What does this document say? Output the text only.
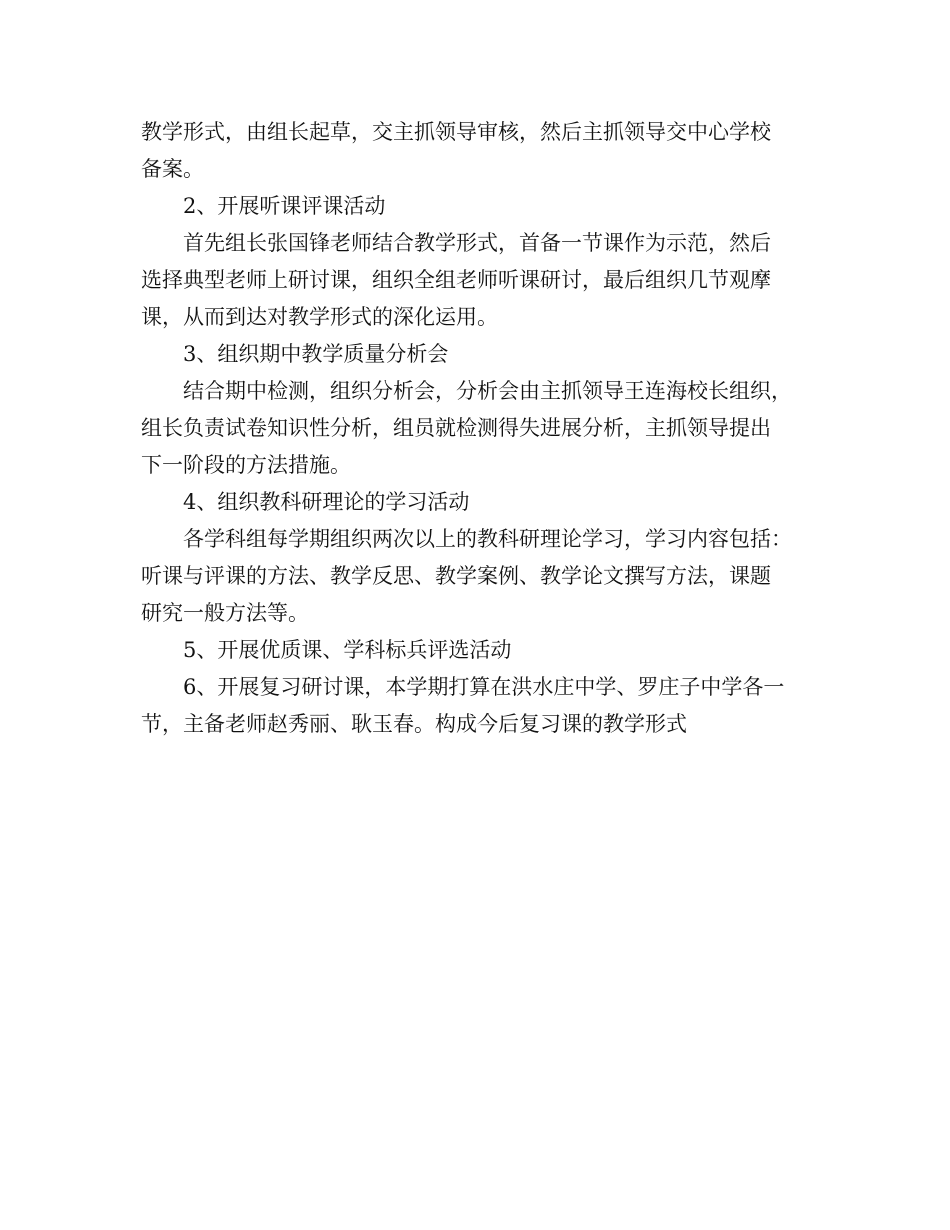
教学形式，由组长起草，交主抓领导审核，然后主抓领导交中心学校
备案。
2、开展听课评课活动
首先组长张国锋老师结合教学形式，首备一节课作为示范，然后
选择典型老师上研讨课，组织全组老师听课研讨，最后组织几节观摩
课，从而到达对教学形式的深化运用。
3、组织期中教学质量分析会
结合期中检测，组织分析会，分析会由主抓领导王连海校长组织，
组长负责试卷知识性分析，组员就检测得失进展分析，主抓领导提出
下一阶段的方法措施。
4、组织教科研理论的学习活动
各学科组每学期组织两次以上的教科研理论学习，学习内容包括：
听课与评课的方法、教学反思、教学案例、教学论文撰写方法，课题
研究一般方法等。
5、开展优质课、学科标兵评选活动
6、开展复习研讨课，本学期打算在洪水庄中学、罗庄子中学各一
节，主备老师赵秀丽、耿玉春。构成今后复习课的教学形式
